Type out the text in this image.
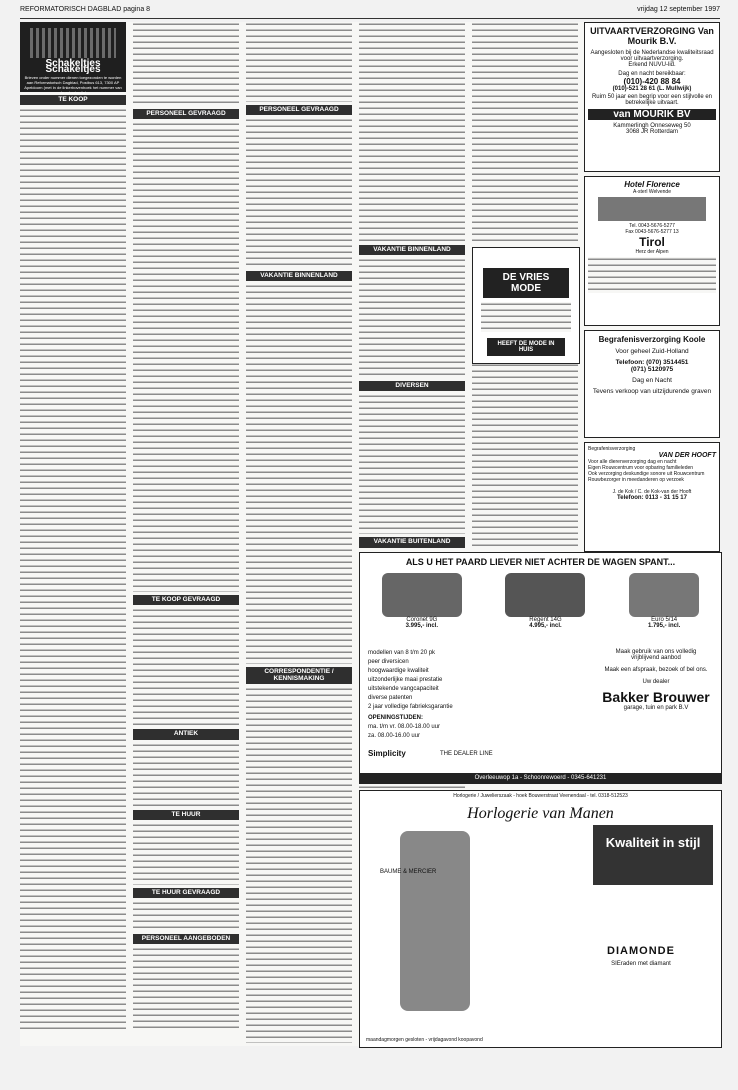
REFORMATORISCH DAGBLAD pagina 8	vrijdag 12 september 1997
Schakeltjes Schakeltjes
Brieven onder nummer dienen toegezonden te worden aan Reformatorisch Dagblad, Postbus 613, 7300 AP Apeldoorn (met in de linkerbovenhoek het nummer van de advertentie)
TE KOOP
PERSONEEL GEVRAAGD
TE KOOP GEVRAAGD
ANTIEK
TE HUUR
TE HUUR GEVRAAGD
PERSONEEL AANGEBODEN
PERSONEEL GEVRAAGD
VAKANTIE BINNENLAND
CORRESPONDENTIE / KENNISMAKING
VAKANTIE BINNENLAND
DIVERSEN
VAKANTIE BUITENLAND
UITVAARTVERZORGING Van Mourik B.V.
Aangesloten bij de Nederlandse kwaliteitsraad voor uitvaartverzorging.
Erkend NUVU-lid.
Dag en nacht bereikbaar:
(010)-420 88 84
(010)-521 28 61 (L. Mullwijk)
Ruim 50 jaar een begrip voor een stijlvolle en betrekelijke uitvaart.
van MOURIK BV
Kammerlingh Onneseweg 50
3068 JR Rotterdam
Hotel Florence
A-sterl Welvende
Tel. 0043-5676-5277
Fax 0043-5676-5277 13
Tirol
Herz der Alpen
Begrafenisverzorging Koole
Voor geheel Zuid-Holland
Telefoon: (070) 3514451
(071) 5120975
Dag en Nacht
Tevens verkoop van uitzijdurende graven
Begrafenisverzorging
VAN DER HOOFT
Voor alle dierenverzorging dag en nacht
Eigen Rouwcentrum voor opbaring familieleden
Ook verzorging deskundige sonore uit Rouwcentrum
Rouwbezorger in meedanderen op verzoek
J. de Kok / C. de Kok-van der Hooft
Telefoon: 0113 - 31 15 17
DE VRIES MODE
HEEFT DE MODE IN HUIS
ALS U HET PAARD LIEVER NIET ACHTER DE WAGEN SPANT...
Coronet 9G
3.995,- incl.
Regent 14G
4.995,- incl.
Euro 5/14
1.795,- incl.
modellen van 8 t/m 20 pk
peer diversicen
hoogwaardige kwaliteit
uitzonderlijke maai prestatie
uitstekende vangcapaciteit
diverse patenten
2 jaar volledige fabrieksgarantie
OPENINGSTIJDEN:
ma. t/m vr. 08.00-18.00 uur
za. 08.00-16.00 uur
Simplicity	THE DEALER LINE
Maak gebruik van ons volledig vrijblijvend aanbod
Maak een afspraak, bezoek of bel ons.
Uw dealer
Bakker Brouwer
garage, tuin en park B.V
Overleeuwop 1a - Schoonrewoerd - 0345-641231
Horlogerie / Juwelierszaak - hoek Bouwerstraat Veenendaal - tel. 0318-512523
Horlogerie van Manen
BAUME & MERCIER
Kwaliteit in stijl
DIAMONDE
SIEraden met diamant
maandagmorgen gesloten - vrijdagavond koopavond
